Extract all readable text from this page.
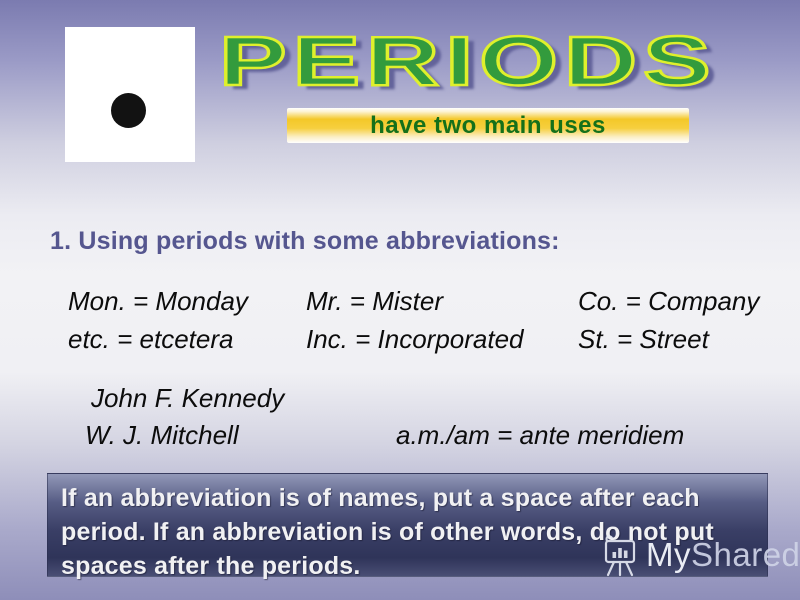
PERIODS
have two main uses
1. Using periods with some abbreviations:
Mon. = Monday	Mr. = Mister	Co. = Company
etc. = etcetera	Inc. = Incorporated	St. = Street
John F. Kennedy
W. J. Mitchell	a.m./am = ante meridiem
If an abbreviation is of names, put a space after each
period. If an abbreviation is of other words, do not put
spaces after the periods.	MyShared
